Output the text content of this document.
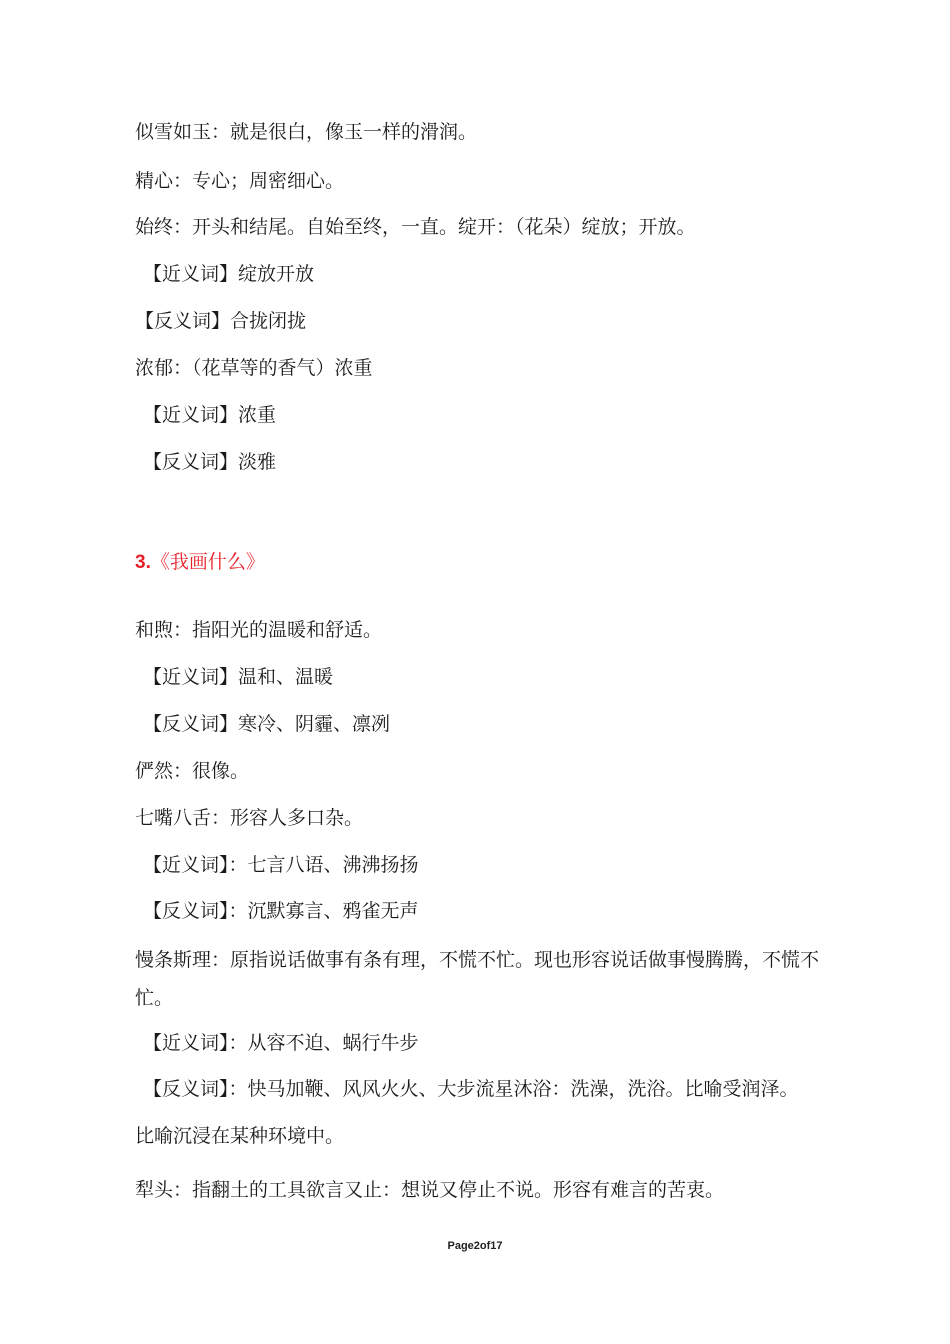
似雪如玉：就是很白，像玉一样的滑润。
精心：专心；周密细心。
始终：开头和结尾。自始至终，一直。绽开：（花朵）绽放；开放。
【近义词】绽放开放
【反义词】合拢闭拢
浓郁：（花草等的香气）浓重
【近义词】浓重
【反义词】淡雅
3.《我画什么》
和煦：指阳光的温暖和舒适。
【近义词】温和、温暖
【反义词】寒冷、阴霾、凛冽
俨然：很像。
七嘴八舌：形容人多口杂。
【近义词】：七言八语、沸沸扬扬
【反义词】：沉默寡言、鸦雀无声
慢条斯理：原指说话做事有条有理，不慌不忙。现也形容说话做事慢腾腾，不慌不忙。
【近义词】：从容不迫、蜗行牛步
【反义词】：快马加鞭、风风火火、大步流星沐浴：洗澡，洗浴。比喻受润泽。
比喻沉浸在某种环境中。
犁头：指翻土的工具欲言又止：想说又停止不说。形容有难言的苦衷。
Page2of17
